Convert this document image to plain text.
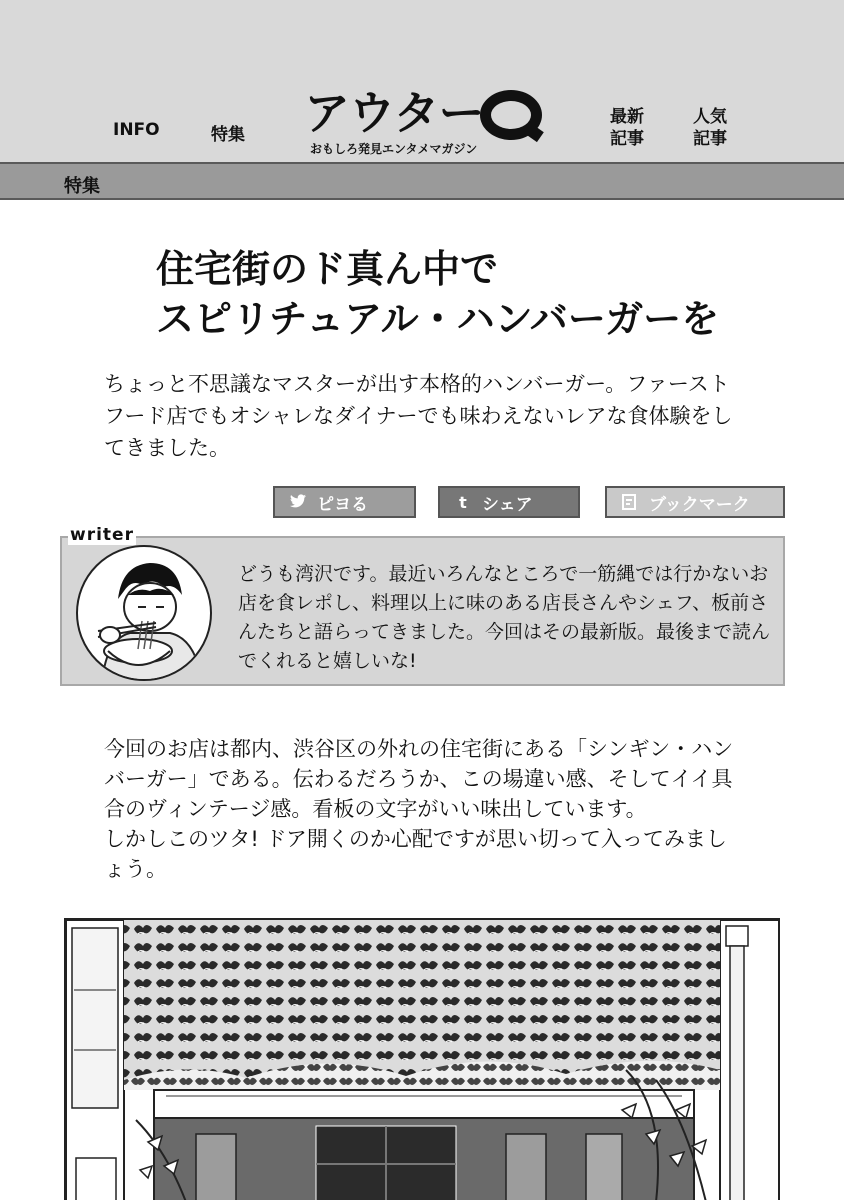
INFO	特集 アウター
おもしろ発見エンタメマガジン
最新
記事
人気
記事
特集
住宅街のド真ん中で
スピリチュアル・ハンバーガーを

ちょっと不思議なマスターが出す本格的ハンバーガー。ファーストフード店でもオシャレなダイナーでも味わえないレアな食体験をしてきました。

ピヨる	t シェア	ブックマーク
writer

どうも湾沢です。最近いろんなところで一筋縄では行かないお店を食レポし、料理以上に味のある店長さんやシェフ、板前さんたちと語らってきました。今回はその最新版。最後まで読んでくれると嬉しいな!

今回のお店は都内、渋谷区の外れの住宅街にある「シンギン・ハンバーガー」である。伝わるだろうか、この場違い感、そしてイイ具合のヴィンテージ感。看板の文字がいい味出しています。
しかしこのツタ! ドア開くのか心配ですが思い切って入ってみましょう。
